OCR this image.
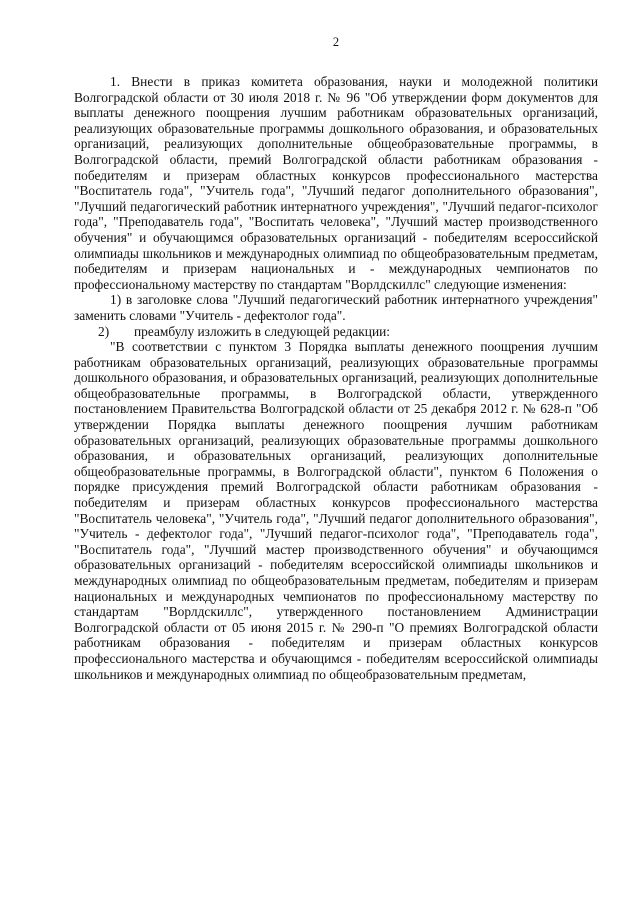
2

1. Внести в приказ комитета образования, науки и молодежной политики Волгоградской области от 30 июля 2018 г. № 96 "Об утверждении форм документов для выплаты денежного поощрения лучшим работникам образовательных организаций, реализующих образовательные программы дошкольного образования, и образовательных организаций, реализующих дополнительные общеобразовательные программы, в Волгоградской области, премий Волгоградской области работникам образования - победителям и призерам областных конкурсов профессионального мастерства "Воспитатель года", "Учитель года", "Лучший педагог дополнительного образования", "Лучший педагогический работник интернатного учреждения", "Лучший педагог-психолог года", "Преподаватель года", "Воспитать человека", "Лучший мастер производственного обучения" и обучающимся образовательных организаций - победителям всероссийской олимпиады школьников и международных олимпиад по общеобразовательным предметам, победителям и призерам национальных и - международных чемпионатов по профессиональному мастерству по стандартам "Ворлдскиллс" следующие изменения:

1) в заголовке слова "Лучший педагогический работник интернатного учреждения" заменить словами "Учитель - дефектолог года".

2) преамбулу изложить в следующей редакции:

"В соответствии с пунктом 3 Порядка выплаты денежного поощрения лучшим работникам образовательных организаций, реализующих образовательные программы дошкольного образования, и образовательных организаций, реализующих дополнительные общеобразовательные программы, в Волгоградской области, утвержденного постановлением Правительства Волгоградской области от 25 декабря 2012 г. № 628-п "Об утверждении Порядка выплаты денежного поощрения лучшим работникам образовательных организаций, реализующих образовательные программы дошкольного образования, и образовательных организаций, реализующих дополнительные общеобразовательные программы, в Волгоградской области", пунктом 6 Положения о порядке присуждения премий Волгоградской области работникам образования - победителям и призерам областных конкурсов профессионального мастерства "Воспитатель человека", "Учитель года", "Лучший педагог дополнительного образования", "Учитель - дефектолог года", "Лучший педагог-психолог года", "Преподаватель года", "Воспитатель года", "Лучший мастер производственного обучения" и обучающимся образовательных организаций - победителям всероссийской олимпиады школьников и международных олимпиад по общеобразовательным предметам, победителям и призерам национальных и международных чемпионатов по профессиональному мастерству по стандартам "Ворлдскиллс", утвержденного постановлением Администрации Волгоградской области от 05 июня 2015 г. № 290-п "О премиях Волгоградской области работникам образования - победителям и призерам областных конкурсов профессионального мастерства и обучающимся - победителям всероссийской олимпиады школьников и международных олимпиад по общеобразовательным предметам,
